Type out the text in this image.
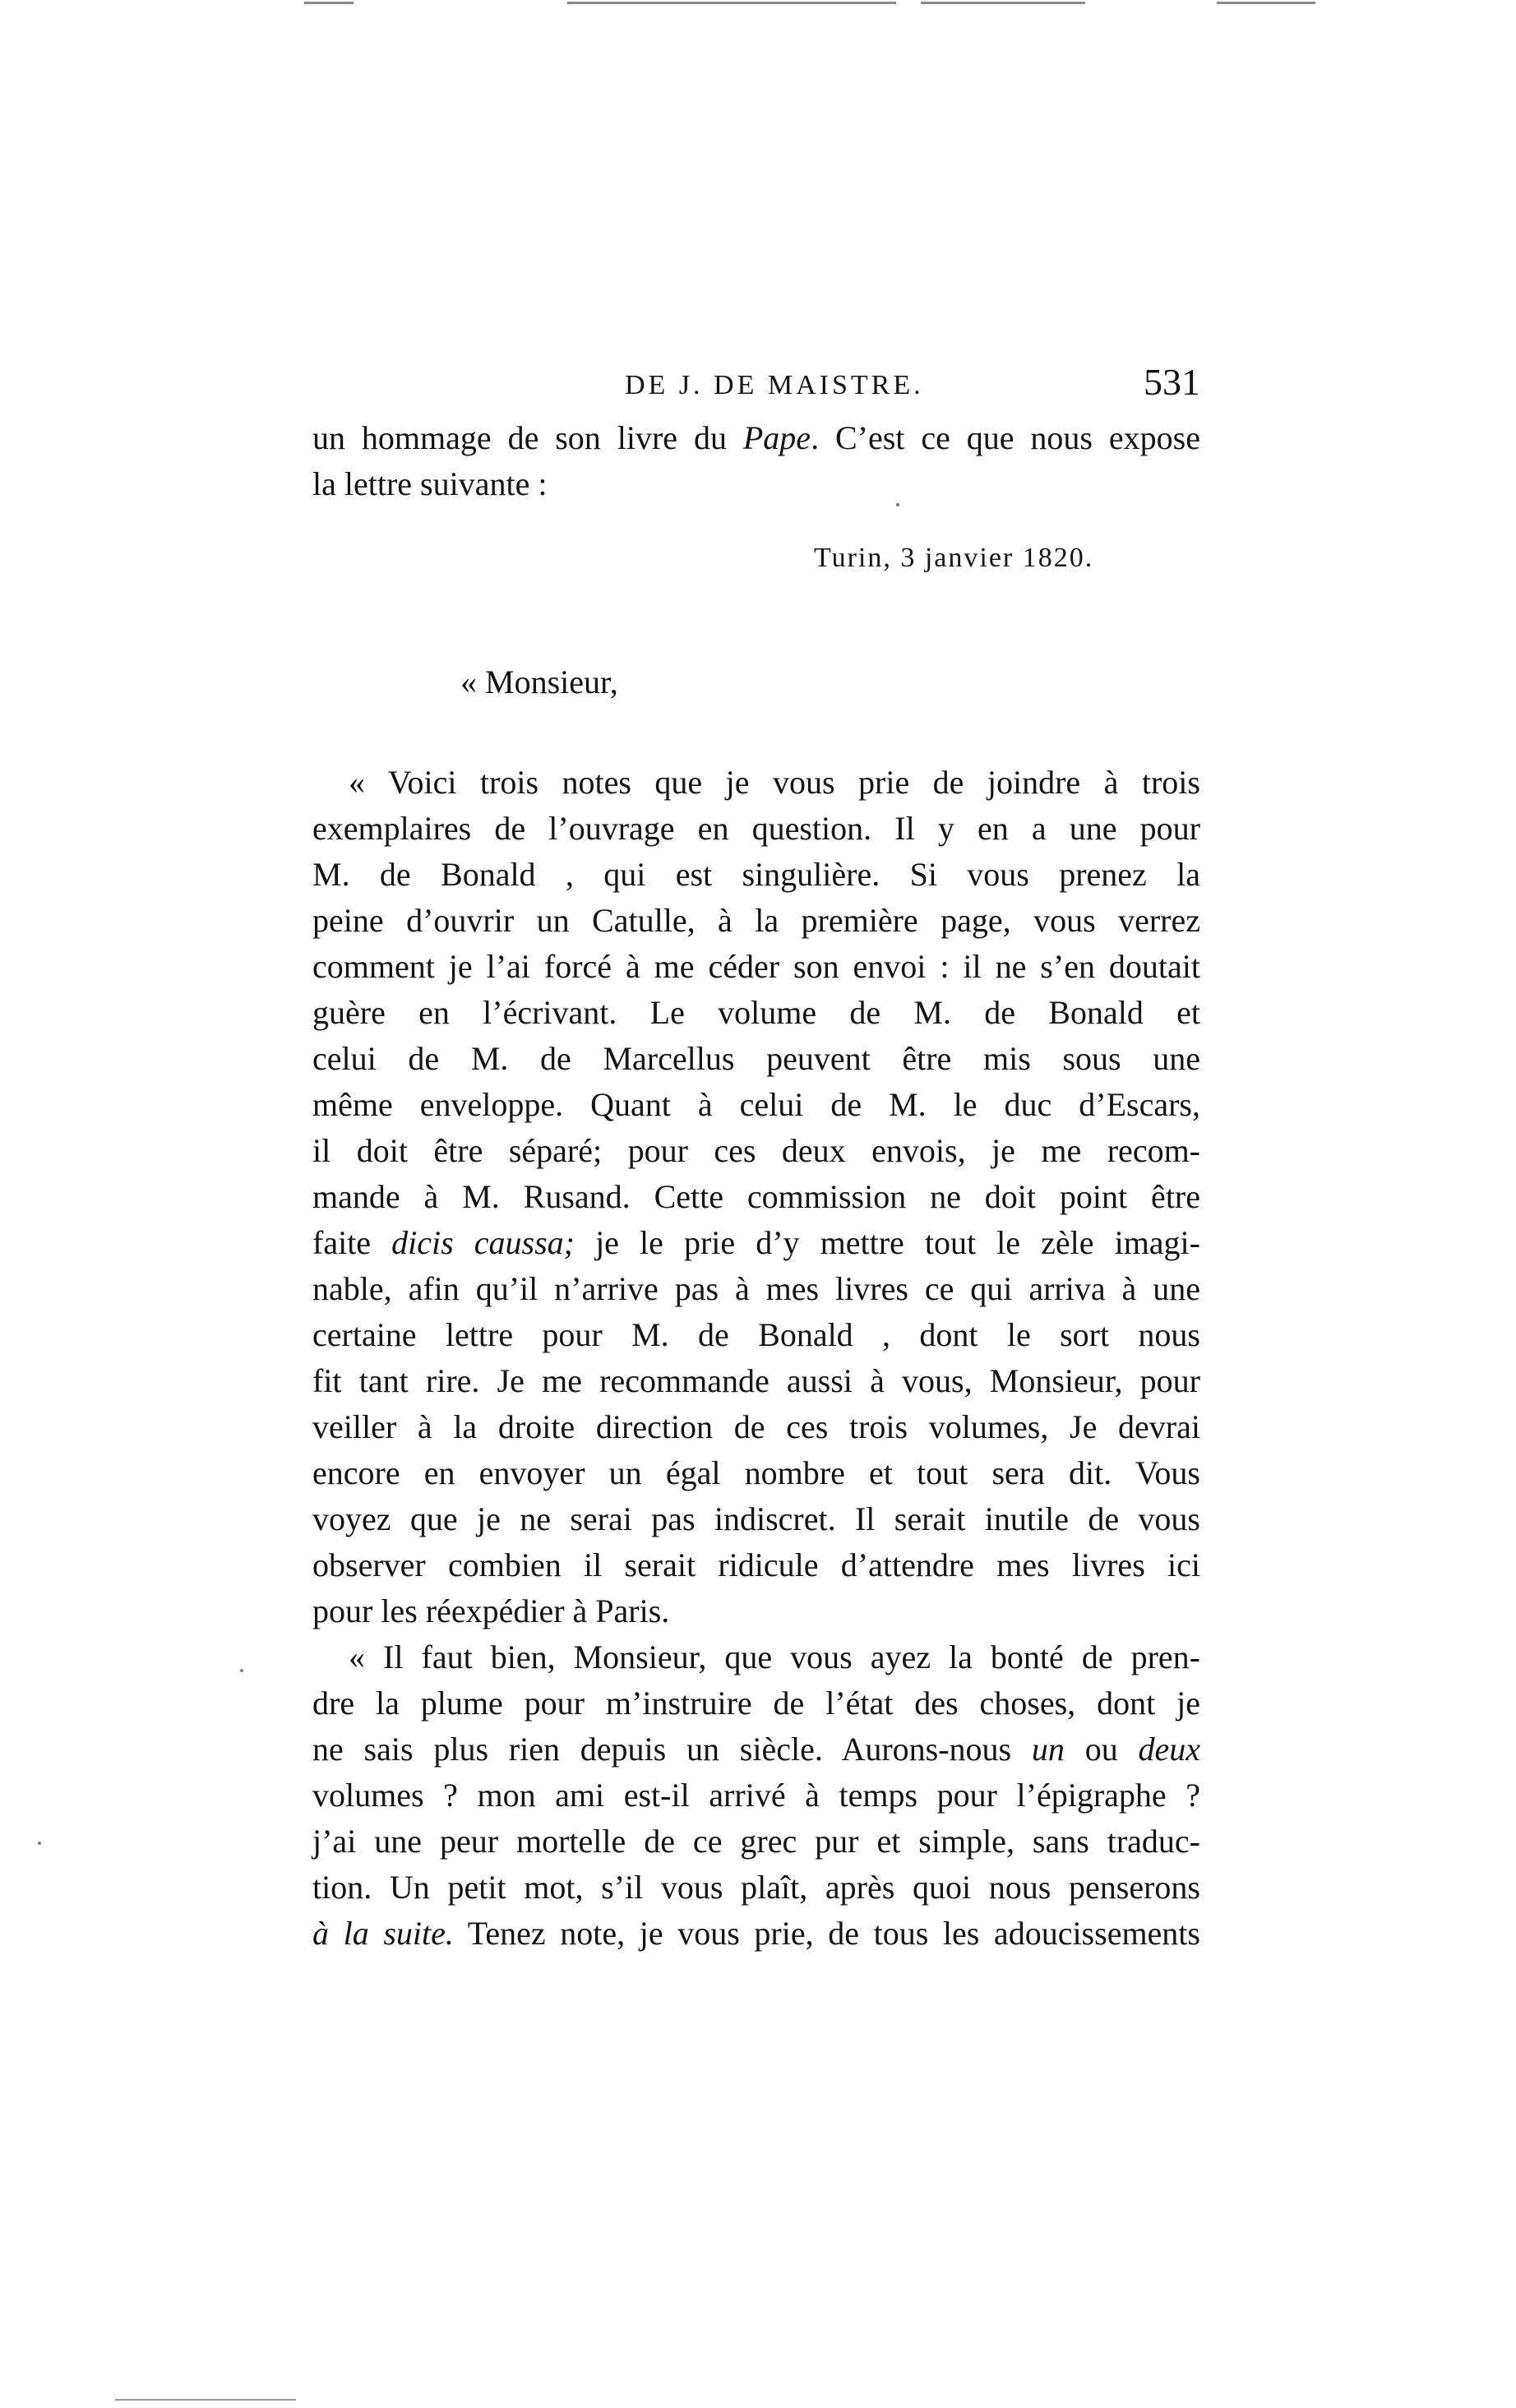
DE J. DE MAISTRE.	531
un hommage de son livre du Pape. C’est ce que nous expose
la lettre suivante :
Turin, 3 janvier 1820.
« Monsieur,
« Voici trois notes que je vous prie de joindre à trois
exemplaires de l’ouvrage en question. Il y en a une pour
M. de Bonald , qui est singulière. Si vous prenez la
peine d’ouvrir un Catulle, à la première page, vous verrez
comment je l’ai forcé à me céder son envoi : il ne s’en doutait
guère en l’écrivant. Le volume de M. de Bonald et
celui de M. de Marcellus peuvent être mis sous une
même enveloppe. Quant à celui de M. le duc d’Escars,
il doit être séparé; pour ces deux envois, je me recom-
mande à M. Rusand. Cette commission ne doit point être
faite dicis caussa; je le prie d’y mettre tout le zèle imagi-
nable, afin qu’il n’arrive pas à mes livres ce qui arriva à une
certaine lettre pour M. de Bonald , dont le sort nous
fit tant rire. Je me recommande aussi à vous, Monsieur, pour
veiller à la droite direction de ces trois volumes, Je devrai
encore en envoyer un égal nombre et tout sera dit. Vous
voyez que je ne serai pas indiscret. Il serait inutile de vous
observer combien il serait ridicule d’attendre mes livres ici
pour les réexpédier à Paris.
« Il faut bien, Monsieur, que vous ayez la bonté de pren-
dre la plume pour m’instruire de l’état des choses, dont je
ne sais plus rien depuis un siècle. Aurons-nous un ou deux
volumes ? mon ami est-il arrivé à temps pour l’épigraphe ?
j’ai une peur mortelle de ce grec pur et simple, sans traduc-
tion. Un petit mot, s’il vous plaît, après quoi nous penserons
à la suite. Tenez note, je vous prie, de tous les adoucissements
